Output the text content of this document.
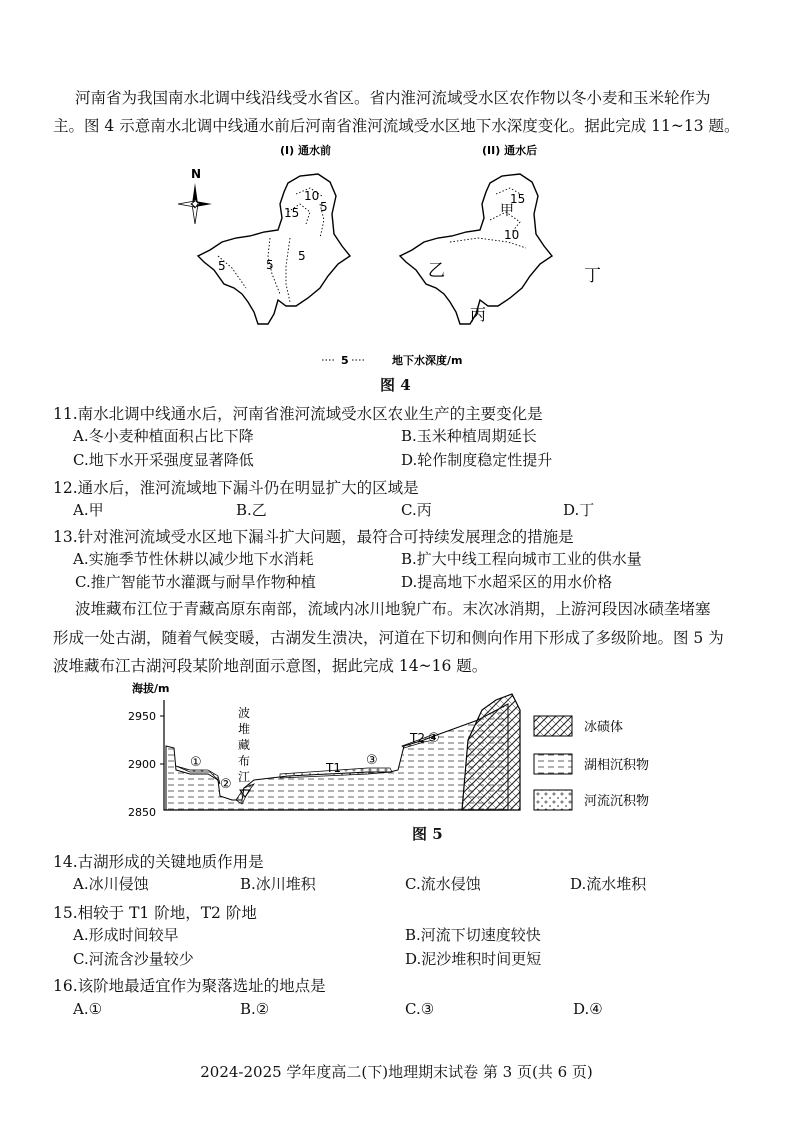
河南省为我国南水北调中线沿线受水省区。省内淮河流域受水区农作物以冬小麦和玉米轮作为
主。图 4 示意南水北调中线通水前后河南省淮河流域受水区地下水深度变化。据此完成 11~13 题。
(I) 通水前	(II) 通水后
N
10
15 5
5	5
5
15
甲
10
乙
丙
丁
5	地下水深度/m
图 4
11.南水北调中线通水后，河南省淮河流域受水区农业生产的主要变化是
A.冬小麦种植面积占比下降	B.玉米种植周期延长
C.地下水开采强度显著降低	D.轮作制度稳定性提升
12.通水后，淮河流域地下漏斗仍在明显扩大的区域是
A.甲	B.乙	C.丙	D.丁
13.针对淮河流域受水区地下漏斗扩大问题，最符合可持续发展理念的措施是
A.实施季节性休耕以减少地下水消耗	B.扩大中线工程向城市工业的供水量
C.推广智能节水灌溉与耐旱作物种植	D.提高地下水超采区的用水价格
波堆藏布江位于青藏高原东南部，流域内冰川地貌广布。末次冰消期，上游河段因冰碛垄堵塞
形成一处古湖，随着气候变暖，古湖发生溃决，河道在下切和侧向作用下形成了多级阶地。图 5 为
波堆藏布江古湖河段某阶地剖面示意图，据此完成 14~16 题。
海拔/m
2950
2900
2850
波
堆
藏
布
江
①
②
③
④
T1
T2
冰碛体
湖相沉积物
河流沉积物
图 5
14.古湖形成的关键地质作用是
A.冰川侵蚀	B.冰川堆积	C.流水侵蚀	D.流水堆积
15.相较于 T1 阶地，T2 阶地
A.形成时间较早	B.河流下切速度较快
C.河流含沙量较少	D.泥沙堆积时间更短
16.该阶地最适宜作为聚落选址的地点是
A.①	B.②	C.③	D.④
2024-2025 学年度高二(下)地理期末试卷 第 3 页(共 6 页)
